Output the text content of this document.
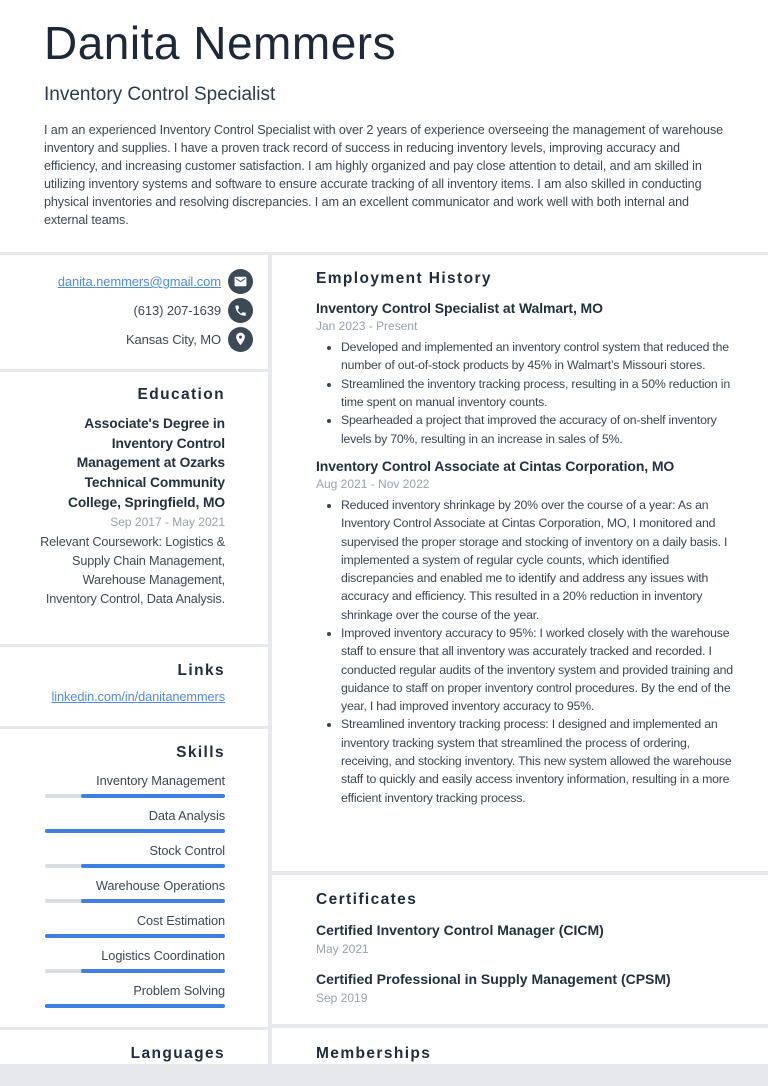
Danita Nemmers
Inventory Control Specialist
I am an experienced Inventory Control Specialist with over 2 years of experience overseeing the management of warehouse inventory and supplies. I have a proven track record of success in reducing inventory levels, improving accuracy and efficiency, and increasing customer satisfaction. I am highly organized and pay close attention to detail, and am skilled in utilizing inventory systems and software to ensure accurate tracking of all inventory items. I am also skilled in conducting physical inventories and resolving discrepancies. I am an excellent communicator and work well with both internal and external teams.
danita.nemmers@gmail.com
(613) 207-1639
Kansas City, MO
Education
Associate's Degree in Inventory Control Management at Ozarks Technical Community College, Springfield, MO
Sep 2017 - May 2021
Relevant Coursework: Logistics & Supply Chain Management, Warehouse Management, Inventory Control, Data Analysis.
Links
linkedin.com/in/danitanemmers
Skills
Inventory Management
Data Analysis
Stock Control
Warehouse Operations
Cost Estimation
Logistics Coordination
Problem Solving
Languages
Employment History
Inventory Control Specialist at Walmart, MO
Jan 2023 - Present
• Developed and implemented an inventory control system that reduced the number of out-of-stock products by 45% in Walmart’s Missouri stores.
• Streamlined the inventory tracking process, resulting in a 50% reduction in time spent on manual inventory counts.
• Spearheaded a project that improved the accuracy of on-shelf inventory levels by 70%, resulting in an increase in sales of 5%.
Inventory Control Associate at Cintas Corporation, MO
Aug 2021 - Nov 2022
• Reduced inventory shrinkage by 20% over the course of a year: As an Inventory Control Associate at Cintas Corporation, MO, I monitored and supervised the proper storage and stocking of inventory on a daily basis. I implemented a system of regular cycle counts, which identified discrepancies and enabled me to identify and address any issues with accuracy and efficiency. This resulted in a 20% reduction in inventory shrinkage over the course of the year.
• Improved inventory accuracy to 95%: I worked closely with the warehouse staff to ensure that all inventory was accurately tracked and recorded. I conducted regular audits of the inventory system and provided training and guidance to staff on proper inventory control procedures. By the end of the year, I had improved inventory accuracy to 95%.
• Streamlined inventory tracking process: I designed and implemented an inventory tracking system that streamlined the process of ordering, receiving, and stocking inventory. This new system allowed the warehouse staff to quickly and easily access inventory information, resulting in a more efficient inventory tracking process.
Certificates
Certified Inventory Control Manager (CICM)
May 2021
Certified Professional in Supply Management (CPSM)
Sep 2019
Memberships
